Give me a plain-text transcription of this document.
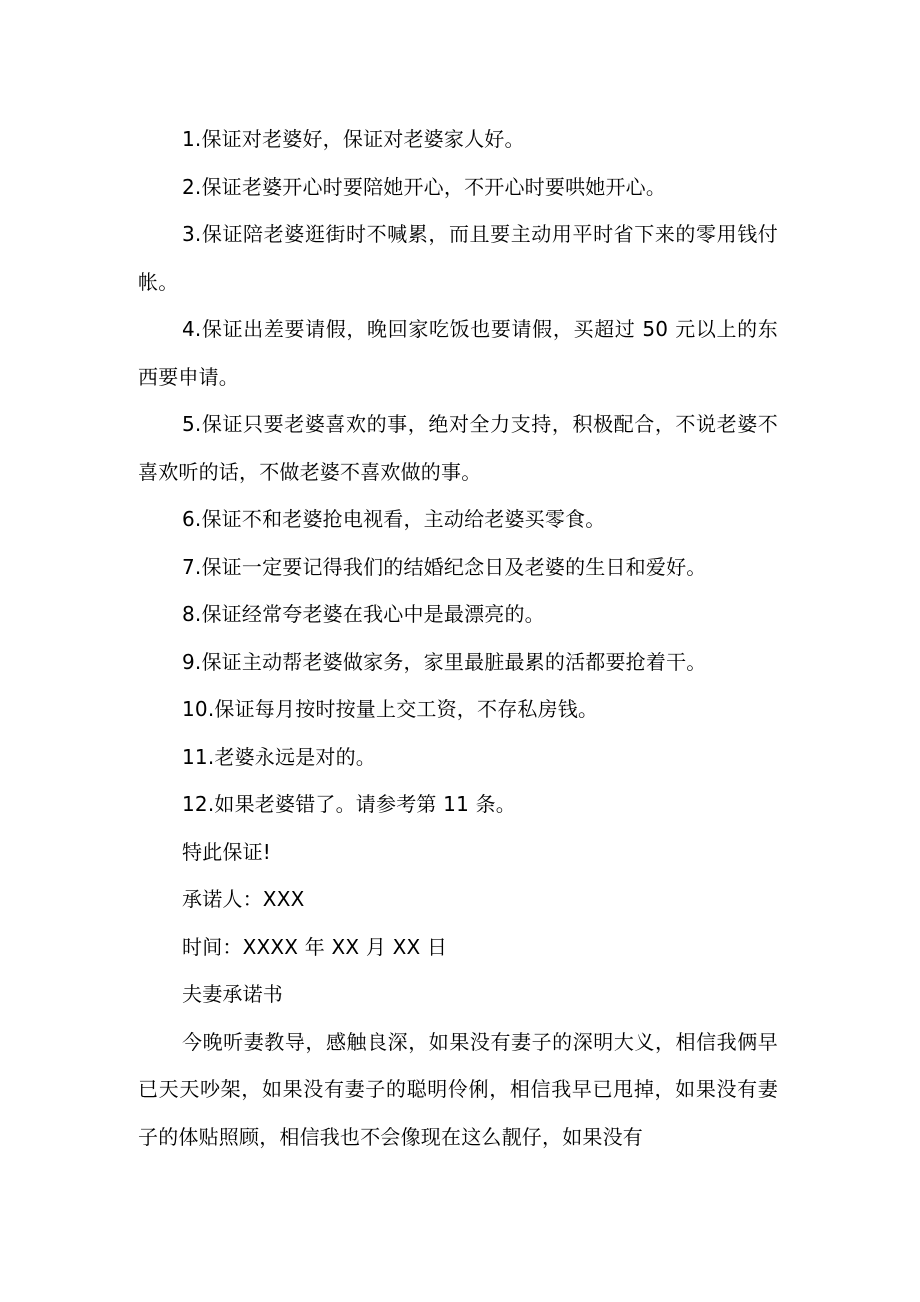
1.保证对老婆好，保证对老婆家人好。

2.保证老婆开心时要陪她开心，不开心时要哄她开心。

3.保证陪老婆逛街时不喊累，而且要主动用平时省下来的零用钱付帐。

4.保证出差要请假，晚回家吃饭也要请假，买超过 50 元以上的东西要申请。

5.保证只要老婆喜欢的事，绝对全力支持，积极配合，不说老婆不喜欢听的话，不做老婆不喜欢做的事。

6.保证不和老婆抢电视看，主动给老婆买零食。

7.保证一定要记得我们的结婚纪念日及老婆的生日和爱好。

8.保证经常夸老婆在我心中是最漂亮的。

9.保证主动帮老婆做家务，家里最脏最累的活都要抢着干。

10.保证每月按时按量上交工资，不存私房钱。

11.老婆永远是对的。

12.如果老婆错了。请参考第 11 条。

特此保证!

承诺人：XXX

时间：XXXX 年 XX 月 XX 日

夫妻承诺书

今晚听妻教导，感触良深，如果没有妻子的深明大义，相信我俩早已天天吵架，如果没有妻子的聪明伶俐，相信我早已甩掉，如果没有妻子的体贴照顾，相信我也不会像现在这么靓仔，如果没有
